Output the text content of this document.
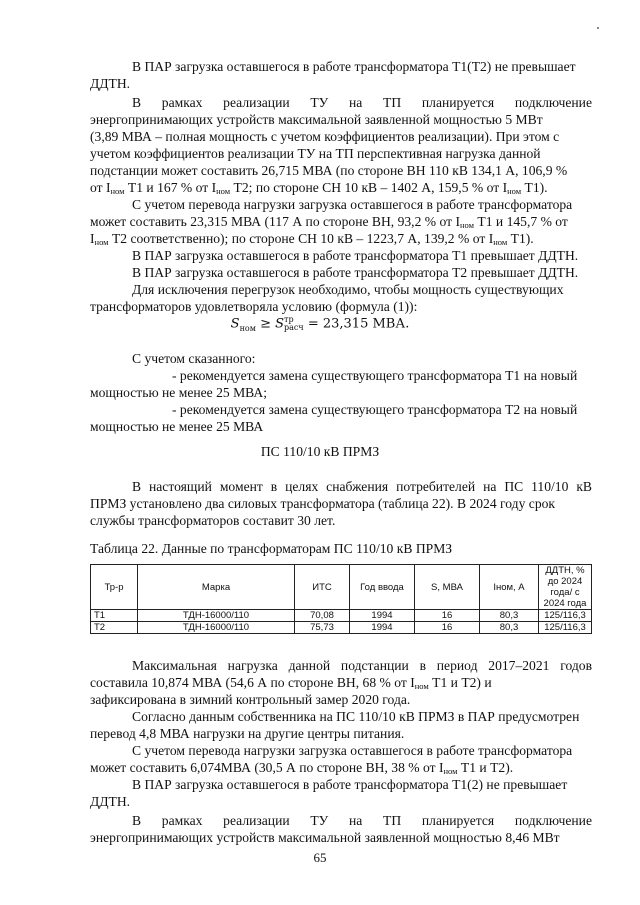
В ПАР загрузка оставшегося в работе трансформатора Т1(Т2) не превышает
ДДТН.
В рамках реализации ТУ на ТП планируется подключение
энергопринимающих устройств максимальной заявленной мощностью 5 МВт
(3,89 МВА – полная мощность с учетом коэффициентов реализации). При этом с
учетом коэффициентов реализации ТУ на ТП перспективная нагрузка данной
подстанции может составить 26,715 МВА (по стороне ВН 110 кВ 134,1 А, 106,9 %
от $I_{ном}$ Т1 и 167 % от $I_{ном}$ Т2; по стороне СН 10 кВ – 1402 А, 159,5 % от $I_{ном}$ Т1).
С учетом перевода нагрузки загрузка оставшегося в работе трансформатора
может составить 23,315 МВА (117 А по стороне ВН, 93,2 % от $I_{ном}$ Т1 и 145,7 % от
$I_{ном}$ Т2 соответственно); по стороне СН 10 кВ – 1223,7 А, 139,2 % от $I_{ном}$ Т1).
В ПАР загрузка оставшегося в работе трансформатора Т1 превышает ДДТН.
В ПАР загрузка оставшегося в работе трансформатора Т2 превышает ДДТН.
Для исключения перегрузок необходимо, чтобы мощность существующих
трансформаторов удовлетворяла условию (формула (1)):
$S_{ном}$ ≥ Sтр
расч = 23,315 МВА.
С учетом сказанного:
- рекомендуется замена существующего трансформатора Т1 на новый
мощностью не менее 25 МВА;
- рекомендуется замена существующего трансформатора Т2 на новый
мощностью не менее 25 МВА
ПС 110/10 кВ ПРМЗ
В настоящий момент в целях снабжения потребителей на ПС 110/10 кВ
ПРМЗ установлено два силовых трансформатора (таблица 22). В 2024 году срок
службы трансформаторов составит 30 лет.
Таблица 22. Данные по трансформаторам ПС 110/10 кВ ПРМЗ
Тр-р	Марка	ИТС	Год ввода	S, МВА	Iном, А	ДДТН, % до 2024 года/ с 2024 года
Т1	ТДН-16000/110	70,08	1994	16	80,3	125/116,3
Т2	ТДН-16000/110	75,73	1994	16	80,3	125/116,3
Максимальная нагрузка данной подстанции в период 2017–2021 годов
составила 10,874 МВА (54,6 А по стороне ВН, 68 % от $I_{ном}$ Т1 и Т2) и
зафиксирована в зимний контрольный замер 2020 года.
Согласно данным собственника на ПС 110/10 кВ ПРМЗ в ПАР предусмотрен
перевод 4,8 МВА нагрузки на другие центры питания.
С учетом перевода нагрузки загрузка оставшегося в работе трансформатора
может составить 6,074МВА (30,5 А по стороне ВН, 38 % от $I_{ном}$ Т1 и Т2).
В ПАР загрузка оставшегося в работе трансформатора Т1(2) не превышает
ДДТН.
В рамках реализации ТУ на ТП планируется подключение
энергопринимающих устройств максимальной заявленной мощностью 8,46 МВт
65
